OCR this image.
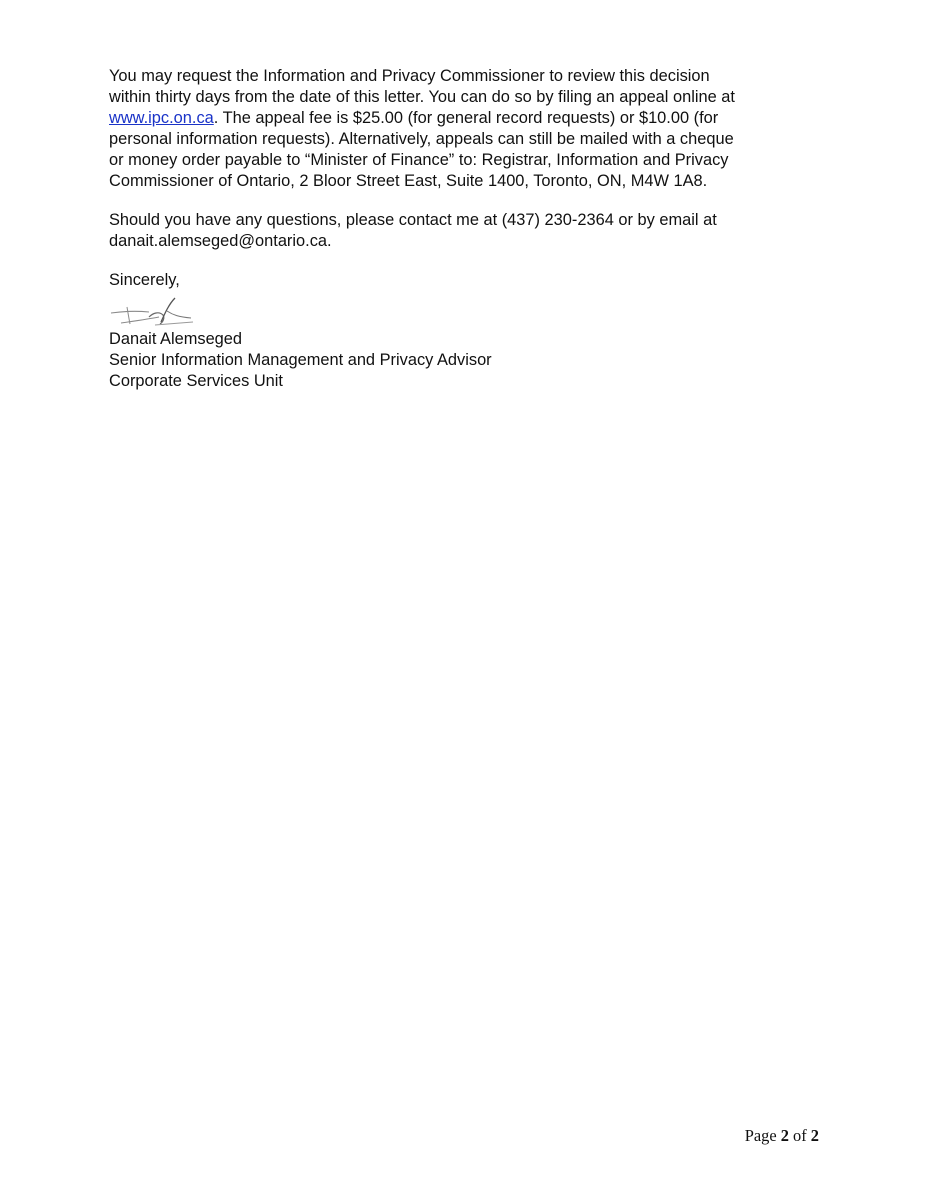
You may request the Information and Privacy Commissioner to review this decision
within thirty days from the date of this letter. You can do so by filing an appeal online at
www.ipc.on.ca. The appeal fee is $25.00 (for general record requests) or $10.00 (for
personal information requests). Alternatively, appeals can still be mailed with a cheque
or money order payable to “Minister of Finance” to: Registrar, Information and Privacy
Commissioner of Ontario, 2 Bloor Street East, Suite 1400, Toronto, ON, M4W 1A8.

Should you have any questions, please contact me at (437) 230-2364 or by email at
danait.alemseged@ontario.ca.

Sincerely,

Danait Alemseged
Senior Information Management and Privacy Advisor
Corporate Services Unit
Page 2 of 2
